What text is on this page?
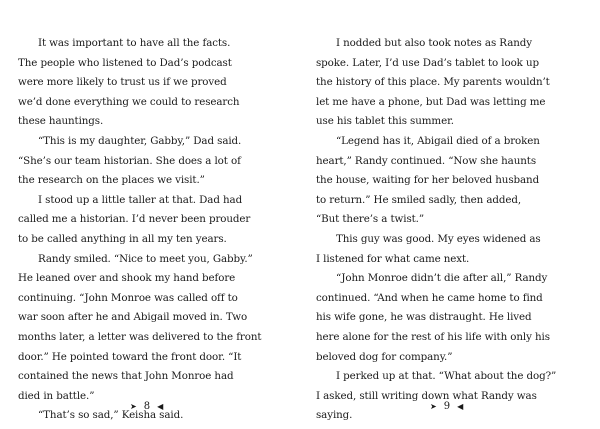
It was important to have all the facts.
The people who listened to Dad’s podcast
were more likely to trust us if we proved
we’d done everything we could to research
these hauntings.

“This is my daughter, Gabby,” Dad said.
“She’s our team historian. She does a lot of
the research on the places we visit.”

I stood up a little taller at that. Dad had
called me a historian. I’d never been prouder
to be called anything in all my ten years.

Randy smiled. “Nice to meet you, Gabby.”
He leaned over and shook my hand before
continuing. “John Monroe was called off to
war soon after he and Abigail moved in. Two
months later, a letter was delivered to the front
door.” He pointed toward the front door. “It
contained the news that John Monroe had
died in battle.”

“That’s so sad,” Keisha said.

I nodded but also took notes as Randy
spoke. Later, I’d use Dad’s tablet to look up
the history of this place. My parents wouldn’t
let me have a phone, but Dad was letting me
use his tablet this summer.

“Legend has it, Abigail died of a broken
heart,” Randy continued. “Now she haunts
the house, waiting for her beloved husband
to return.” He smiled sadly, then added,
“But there’s a twist.”

This guy was good. My eyes widened as
I listened for what came next.

“John Monroe didn’t die after all,” Randy
continued. “And when he came home to find
his wife gone, he was distraught. He lived
here alone for the rest of his life with only his
beloved dog for company.”

I perked up at that. “What about the dog?”
I asked, still writing down what Randy was
saying.

➤ 8 ◀	➤ 9 ◀
